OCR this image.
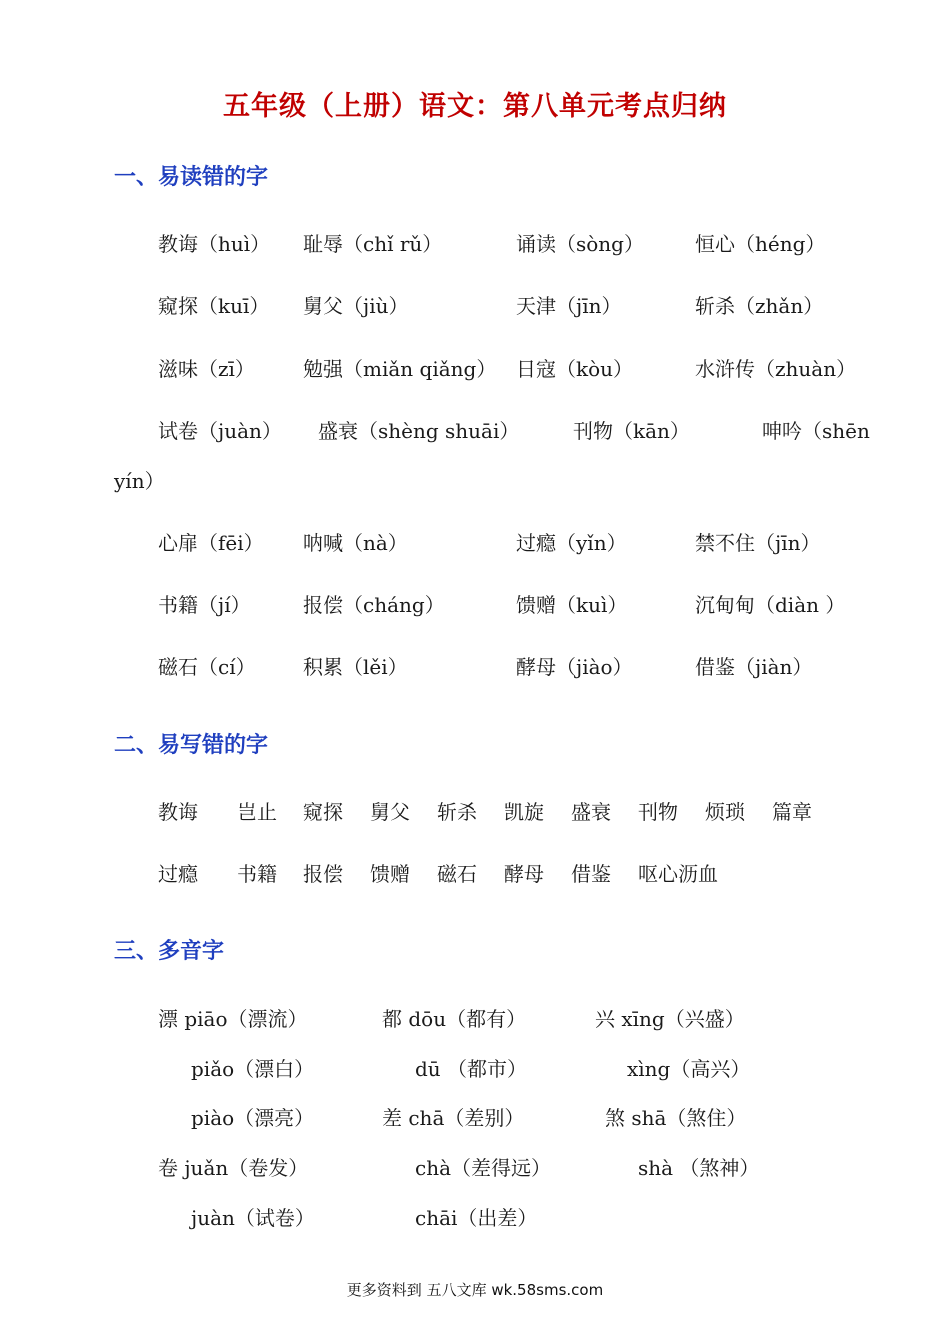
五年级（上册）语文：第八单元考点归纳
一、易读错的字
教诲（huì） 耻辱（chǐ rǔ）	诵读（sòng）	恒心（héng）
窥探（kuī） 舅父（jiù）	天津（jīn）	斩杀（zhǎn）
滋味（zī） 勉强（miǎn qiǎng） 日寇（kòu）	水浒传（zhuàn）
试卷（juàn） 盛衰（shèng shuāi）	刊物（kān）	呻吟（shēn
yín）
心扉（fēi） 呐喊（nà）	过瘾（yǐn）	禁不住（jīn）
书籍（jí）	报偿（cháng）	馈赠（kuì）	沉甸甸（diàn ）
磁石（cí） 积累（lěi）	酵母（jiào）	借鉴（jiàn）
二、易写错的字
教诲 岂止 窥探 舅父 斩杀 凯旋 盛衰 刊物 烦琐 篇章
过瘾 书籍 报偿 馈赠 磁石 酵母 借鉴 呕心沥血
三、多音字
漂 piāo（漂流）	都 dōu（都有）	兴 xīng（兴盛）
piǎo（漂白）	dū （都市）	xìng（高兴）
piào（漂亮）	差 chā（差别）	煞 shā（煞住）
卷 juǎn（卷发）	chà（差得远）	shà （煞神）
juàn（试卷）	chāi（出差）
更多资料到 五八文库 wk.58sms.com
